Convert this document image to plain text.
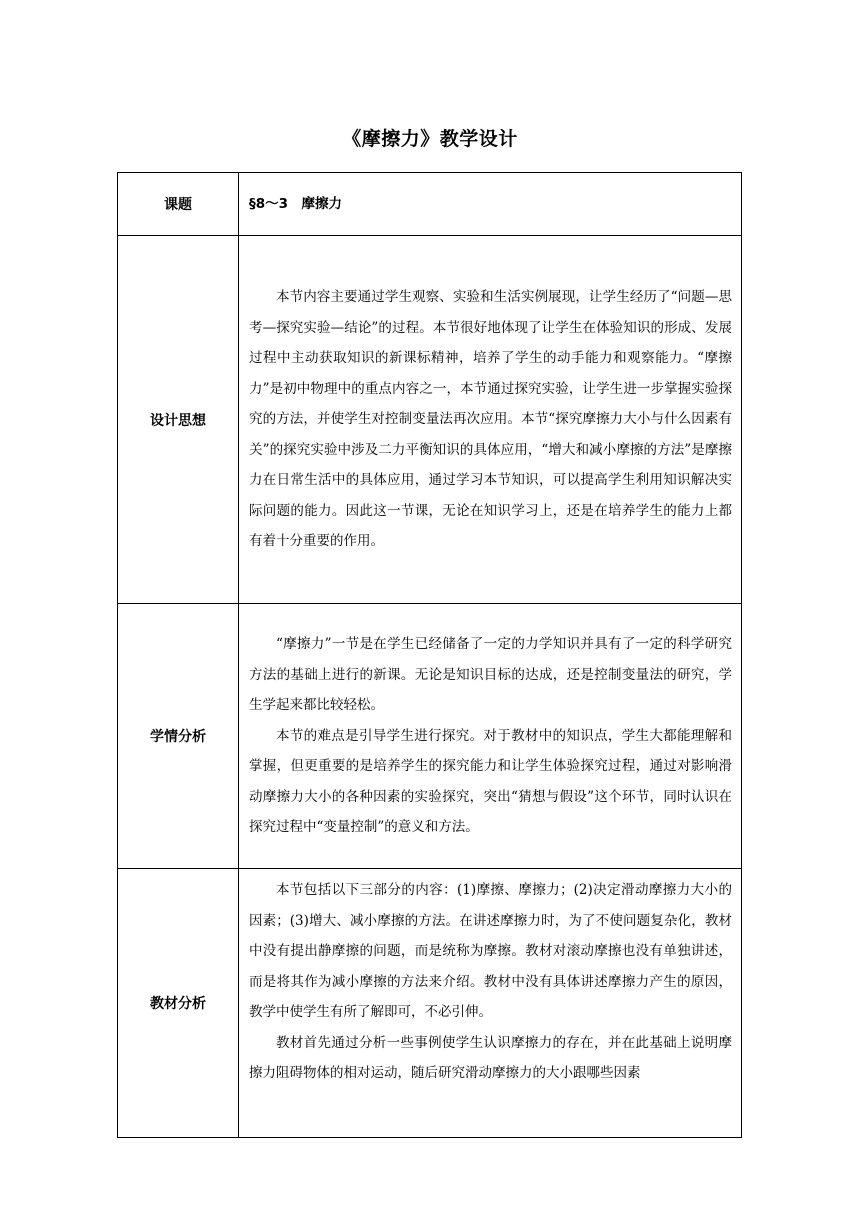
《摩擦力》教学设计
课题	§8～3　摩擦力
设计思想	本节内容主要通过学生观察、实验和生活实例展现，让学生经历了“问题—思考—探究实验—结论”的过程。本节很好地体现了让学生在体验知识的形成、发展过程中主动获取知识的新课标精神，培养了学生的动手能力和观察能力。“摩擦力”是初中物理中的重点内容之一，本节通过探究实验，让学生进一步掌握实验探究的方法，并使学生对控制变量法再次应用。本节“探究摩擦力大小与什么因素有关”的探究实验中涉及二力平衡知识的具体应用，“增大和减小摩擦的方法”是摩擦力在日常生活中的具体应用，通过学习本节知识，可以提高学生利用知识解决实际问题的能力。因此这一节课，无论在知识学习上，还是在培养学生的能力上都有着十分重要的作用。

学情分析	“摩擦力”一节是在学生已经储备了一定的力学知识并具有了一定的科学研究方法的基础上进行的新课。无论是知识目标的达成，还是控制变量法的研究，学生学起来都比较轻松。

本节的难点是引导学生进行探究。对于教材中的知识点，学生大都能理解和掌握，但更重要的是培养学生的探究能力和让学生体验探究过程，通过对影响滑动摩擦力大小的各种因素的实验探究，突出“猜想与假设”这个环节，同时认识在探究过程中“变量控制”的意义和方法。

教材分析	本节包括以下三部分的内容：(1)摩擦、摩擦力；(2)决定滑动摩擦力大小的因素；(3)增大、减小摩擦的方法。在讲述摩擦力时，为了不使问题复杂化，教材中没有提出静摩擦的问题，而是统称为摩擦。教材对滚动摩擦也没有单独讲述，而是将其作为减小摩擦的方法来介绍。教材中没有具体讲述摩擦力产生的原因，教学中使学生有所了解即可，不必引伸。

教材首先通过分析一些事例使学生认识摩擦力的存在，并在此基础上说明摩擦力阻碍物体的相对运动，随后研究滑动摩擦力的大小跟哪些因素
